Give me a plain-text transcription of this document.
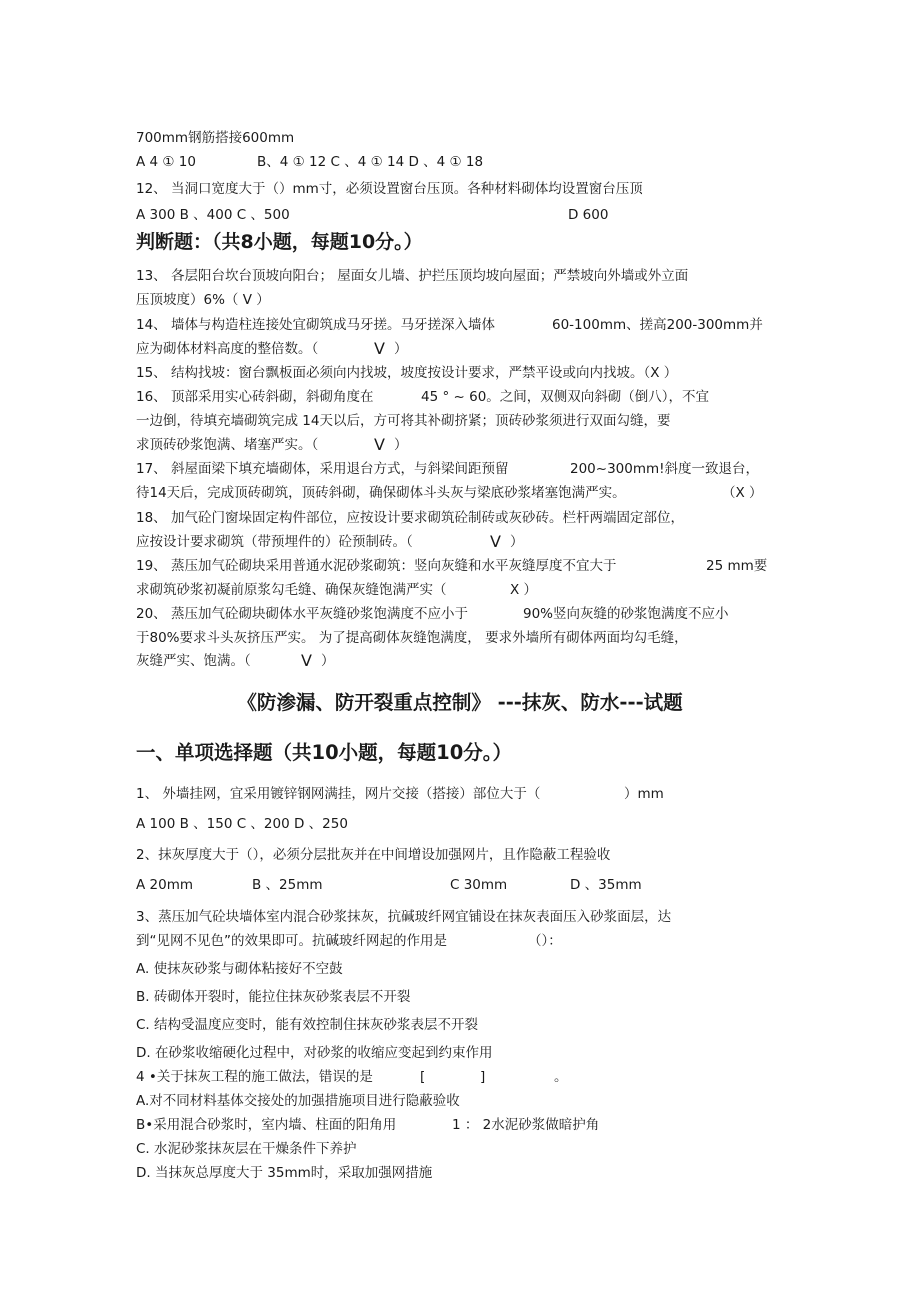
700mm钢筋搭接600mm
A 4 ① 10	B、4 ① 12 C 、4 ① 14 D 、4 ① 18
12、 当洞口宽度大于（）mm寸，必须设置窗台压顶。各种材料砌体均设置窗台压顶
A 300 B 、400 C 、500	D 600
判断题：（共8小题，每题10分。）
13、 各层阳台坎台顶坡向阳台； 屋面女儿墙、护拦压顶均坡向屋面；严禁坡向外墙或外立面
压顶坡度）6%（ V ）
14、 墙体与构造柱连接处宜砌筑成马牙搓。马牙搓深入墙体	60-100mm、搓高200-300mm并
应为砌体材料高度的整倍数。（	V ）
15、 结构找坡：窗台飘板面必须向内找坡，坡度按设计要求，严禁平设或向内找坡。（X ）
16、 顶部采用实心砖斜砌，斜砌角度在	45 ° ~ 60。之间，双侧双向斜砌（倒八），不宜
一边倒，待填充墙砌筑完成 14天以后，方可将其补砌挤紧；顶砖砂浆须进行双面勾缝，要
求顶砖砂浆饱满、堵塞严实。（	V ）
17、 斜屋面梁下填充墙砌体，采用退台方式，与斜梁间距预留	200~300mm!斜度一致退台，
待14天后，完成顶砖砌筑，顶砖斜砌，确保砌体斗头灰与梁底砂浆堵塞饱满严实。	（X ）
18、 加气砼门窗垛固定构件部位，应按设计要求砌筑砼制砖或灰砂砖。栏杆两端固定部位，
应按设计要求砌筑（带预埋件的）砼预制砖。（	V ）
19、 蒸压加气砼砌块采用普通水泥砂浆砌筑：竖向灰缝和水平灰缝厚度不宜大于	25 mm要
求砌筑砂浆初凝前原浆勾毛缝、确保灰缝饱满严实（	X ）
20、 蒸压加气砼砌块砌体水平灰缝砂浆饱满度不应小于	90%竖向灰缝的砂浆饱满度不应小
于80%要求斗头灰挤压严实。 为了提高砌体灰缝饱满度， 要求外墙所有砌体两面均勾毛缝，
灰缝严实、饱满。（	V ）
《防渗漏、防开裂重点控制》 ---抹灰、防水---试题
一、单项选择题（共10小题，每题10分。）
1、 外墙挂网，宜采用镀锌钢网满挂，网片交接（搭接）部位大于（	）mm
A 100 B 、150 C 、200 D 、250
2、抹灰厚度大于（），必须分层批灰并在中间增设加强网片，且作隐蔽工程验收
A 20mm	B 、25mm	C 30mm	D 、35mm
3、蒸压加气砼块墙体室内混合砂浆抹灰，抗碱玻纤网宜铺设在抹灰表面压入砂浆面层，达
到“见网不见色”的效果即可。抗碱玻纤网起的作用是	（）：
A. 使抹灰砂浆与砌体粘接好不空鼓
B. 砖砌体开裂时，能拉住抹灰砂浆表层不开裂
C. 结构受温度应变时，能有效控制住抹灰砂浆表层不开裂
D. 在砂浆收缩硬化过程中，对砂浆的收缩应变起到约束作用
4 •关于抹灰工程的施工做法，错误的是	[	]	。
A.对不同材料基体交接处的加强措施项目进行隐蔽验收
B•采用混合砂浆时，室内墙、柱面的阳角用	1 ： 2水泥砂浆做暗护角
C. 水泥砂浆抹灰层在干燥条件下养护
D. 当抹灰总厚度大于 35mm时，采取加强网措施
